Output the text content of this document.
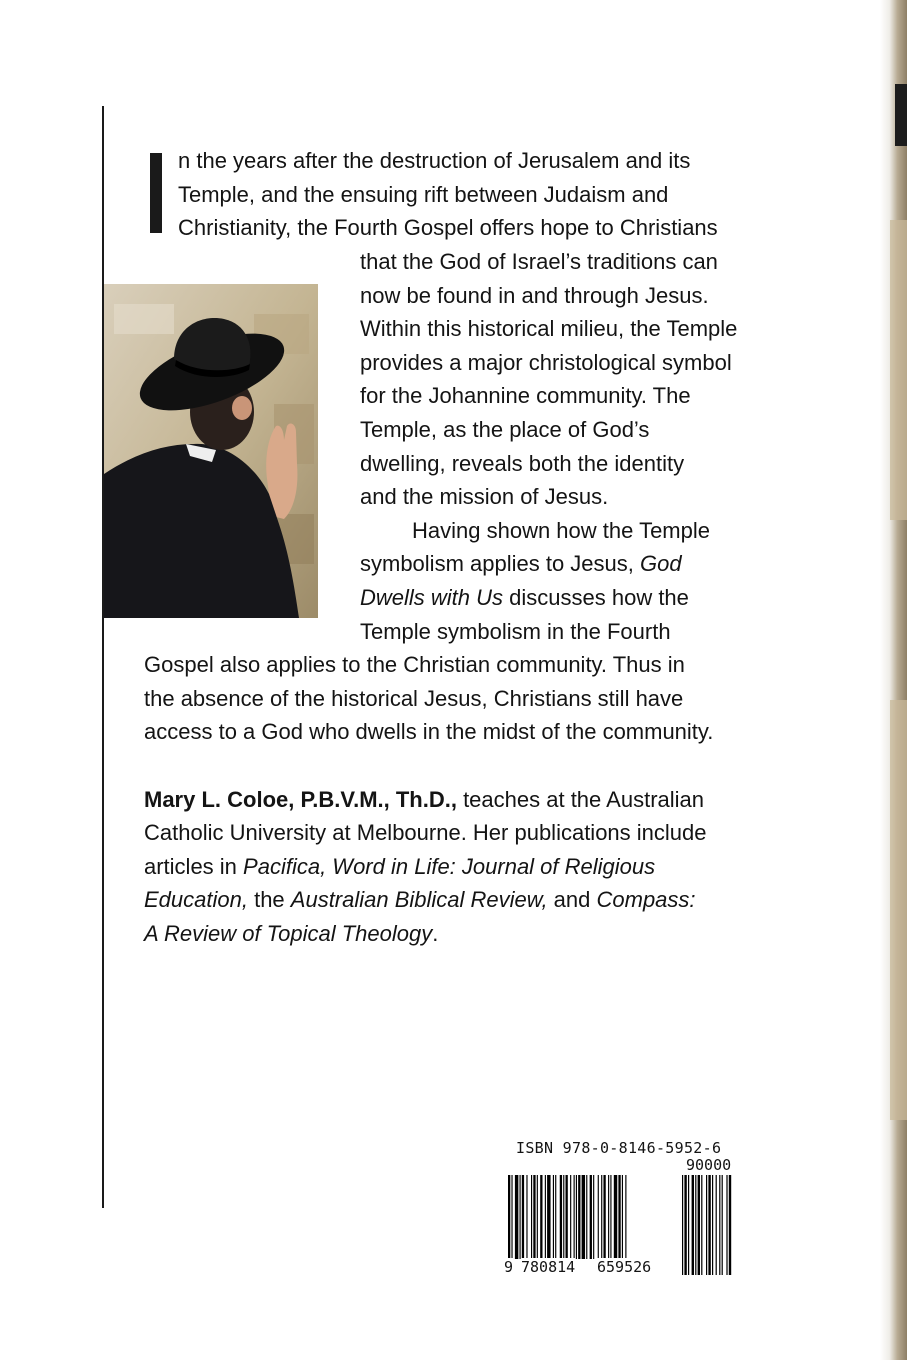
n the years after the destruction of Jerusalem and its
Temple, and the ensuing rift between Judaism and
Christianity, the Fourth Gospel offers hope to Christians
that the God of Israel’s traditions can
now be found in and through Jesus.
Within this historical milieu, the Temple
provides a major christological symbol
for the Johannine community. The
Temple, as the place of God’s
dwelling, reveals both the identity
and the mission of Jesus.
Having shown how the Temple
symbolism applies to Jesus, God
Dwells with Us discusses how the
Temple symbolism in the Fourth
Gospel also applies to the Christian community. Thus in
the absence of the historical Jesus, Christians still have
access to a God who dwells in the midst of the community.
Mary L. Coloe, P.B.V.M., Th.D., teaches at the Australian
Catholic University at Melbourne. Her publications include
articles in Pacifica, Word in Life: Journal of Religious
Education, the Australian Biblical Review, and Compass:
A Review of Topical Theology.
ISBN 978-0-8146-5952-6
90000
9 780814 659526
